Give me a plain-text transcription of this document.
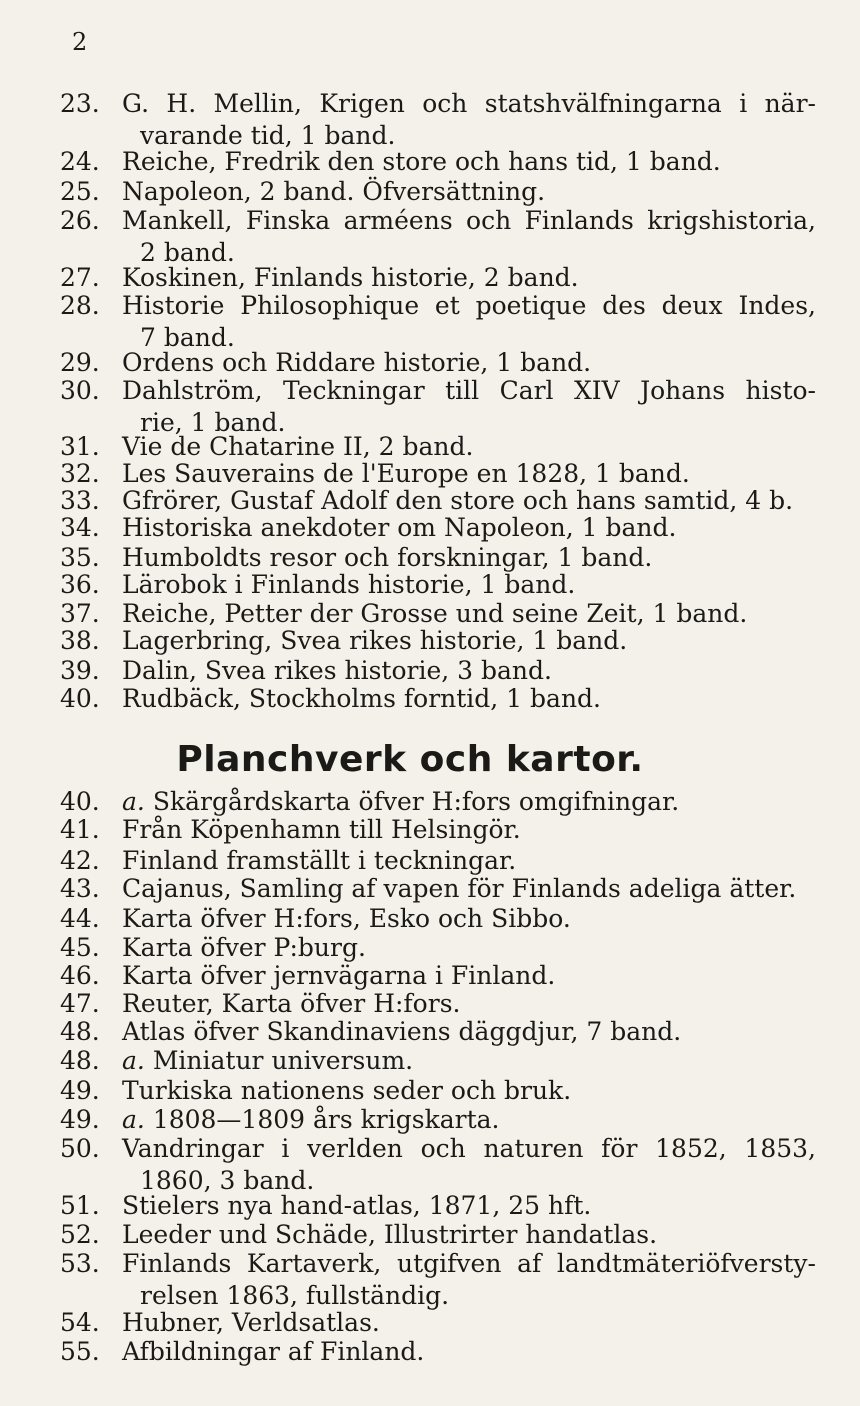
2
23. G. H. Mellin, Krigen och statshvälfningarna i när-
varande tid, 1 band.
24. Reiche, Fredrik den store och hans tid, 1 band.
25. Napoleon, 2 band. Öfversättning.
26. Mankell, Finska arméens och Finlands krigshistoria,
2 band.
27. Koskinen, Finlands historie, 2 band.
28. Historie Philosophique et poetique des deux Indes,
7 band.
29. Ordens och Riddare historie, 1 band.
30. Dahlström, Teckningar till Carl XIV Johans histo-
rie, 1 band.
31. Vie de Chatarine II, 2 band.
32. Les Sauverains de l'Europe en 1828, 1 band.
33. Gfrörer, Gustaf Adolf den store och hans samtid, 4 b.
34. Historiska anekdoter om Napoleon, 1 band.
35. Humboldts resor och forskningar, 1 band.
36. Lärobok i Finlands historie, 1 band.
37. Reiche, Petter der Grosse und seine Zeit, 1 band.
38. Lagerbring, Svea rikes historie, 1 band.
39. Dalin, Svea rikes historie, 3 band.
40. Rudbäck, Stockholms forntid, 1 band.
40. a. Skärgårdskarta öfver H:fors omgifningar.
41. Från Köpenhamn till Helsingör.
42. Finland framställt i teckningar.
43. Cajanus, Samling af vapen för Finlands adeliga ätter.
44. Karta öfver H:fors, Esko och Sibbo.
45. Karta öfver P:burg.
46. Karta öfver jernvägarna i Finland.
47. Reuter, Karta öfver H:fors.
48. Atlas öfver Skandinaviens däggdjur, 7 band.
48. a. Miniatur universum.
49. Turkiska nationens seder och bruk.
49. a. 1808—1809 års krigskarta.
50. Vandringar i verlden och naturen för 1852, 1853,
1860, 3 band.
51. Stielers nya hand-atlas, 1871, 25 hft.
52. Leeder und Schäde, Illustrirter handatlas.
53. Finlands Kartaverk, utgifven af landtmäteriöfversty-
relsen 1863, fullständig.
54. Hubner, Verldsatlas.
55. Afbildningar af Finland.
Planchverk och kartor.
